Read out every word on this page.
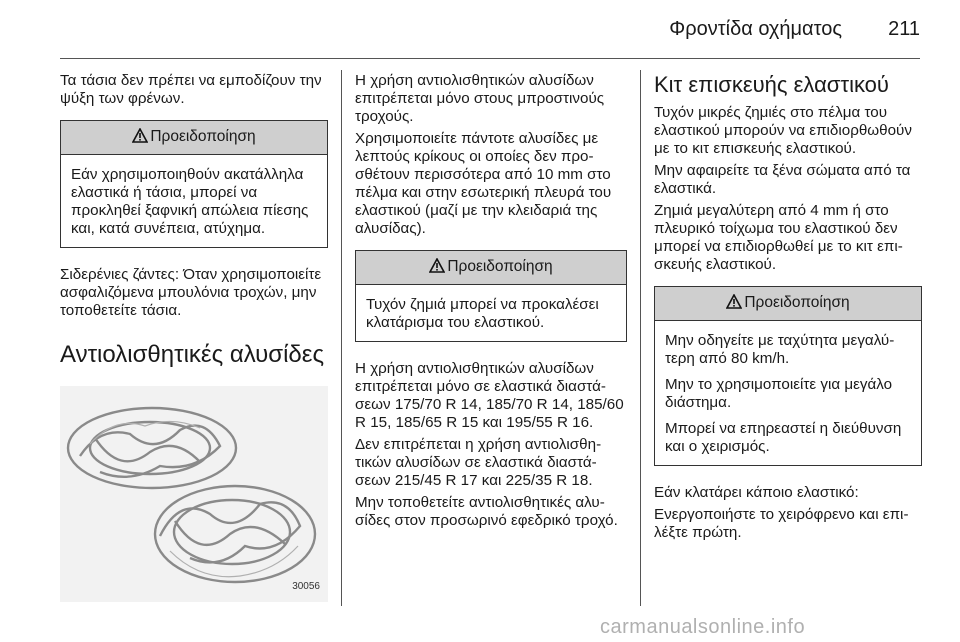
Φροντίδα οχήματος 211

Τα τάσια δεν πρέπει να εμποδίζουν την ψύξη των φρένων.

Προειδοποίηση

Εάν χρησιμοποιηθούν ακατάλληλα ελαστικά ή τάσια, μπορεί να προκληθεί ξαφνική απώλεια πίεσης και, κατά συνέπεια, ατύχημα.

Σιδερένιες ζάντες: Όταν χρησιμοποιείτε ασφαλιζόμενα μπουλόνια τροχών, μην τοποθετείτε τάσια.

Αντιολισθητικές αλυσίδες
30056

Η χρήση αντιολισθητικών αλυσίδων επιτρέπεται μόνο στους μπροστινούς τροχούς.

Χρησιμοποιείτε πάντοτε αλυσίδες με λεπτούς κρίκους οι οποίες δεν προσθέτουν περισσότερα από 10 mm στο πέλμα και στην εσωτερική πλευρά του ελαστικού (μαζί με την κλειδαριά της αλυσίδας).

Προειδοποίηση

Τυχόν ζημιά μπορεί να προκαλέσει κλατάρισμα του ελαστικού.

Η χρήση αντιολισθητικών αλυσίδων επιτρέπεται μόνο σε ελαστικά διαστάσεων 175/70 R 14, 185/70 R 14, 185/60 R 15, 185/65 R 15 και 195/55 R 16.

Δεν επιτρέπεται η χρήση αντιολισθητικών αλυσίδων σε ελαστικά διαστάσεων 215/45 R 17 και 225/35 R 18.

Μην τοποθετείτε αντιολισθητικές αλυσίδες στον προσωρινό εφεδρικό τροχό.

Κιτ επισκευής ελαστικού

Τυχόν μικρές ζημιές στο πέλμα του ελαστικού μπορούν να επιδιορθωθούν με το κιτ επισκευής ελαστικού.

Μην αφαιρείτε τα ξένα σώματα από τα ελαστικά.

Ζημιά μεγαλύτερη από 4 mm ή στο πλευρικό τοίχωμα του ελαστικού δεν μπορεί να επιδιορθωθεί με το κιτ επισκευής ελαστικού.

Προειδοποίηση

Μην οδηγείτε με ταχύτητα μεγαλύτερη από 80 km/h.

Μην το χρησιμοποιείτε για μεγάλο διάστημα.

Μπορεί να επηρεαστεί η διεύθυνση και ο χειρισμός.

Εάν κλατάρει κάποιο ελαστικό:

Ενεργοποιήστε το χειρόφρενο και επιλέξτε πρώτη.

carmanualsonline.info
